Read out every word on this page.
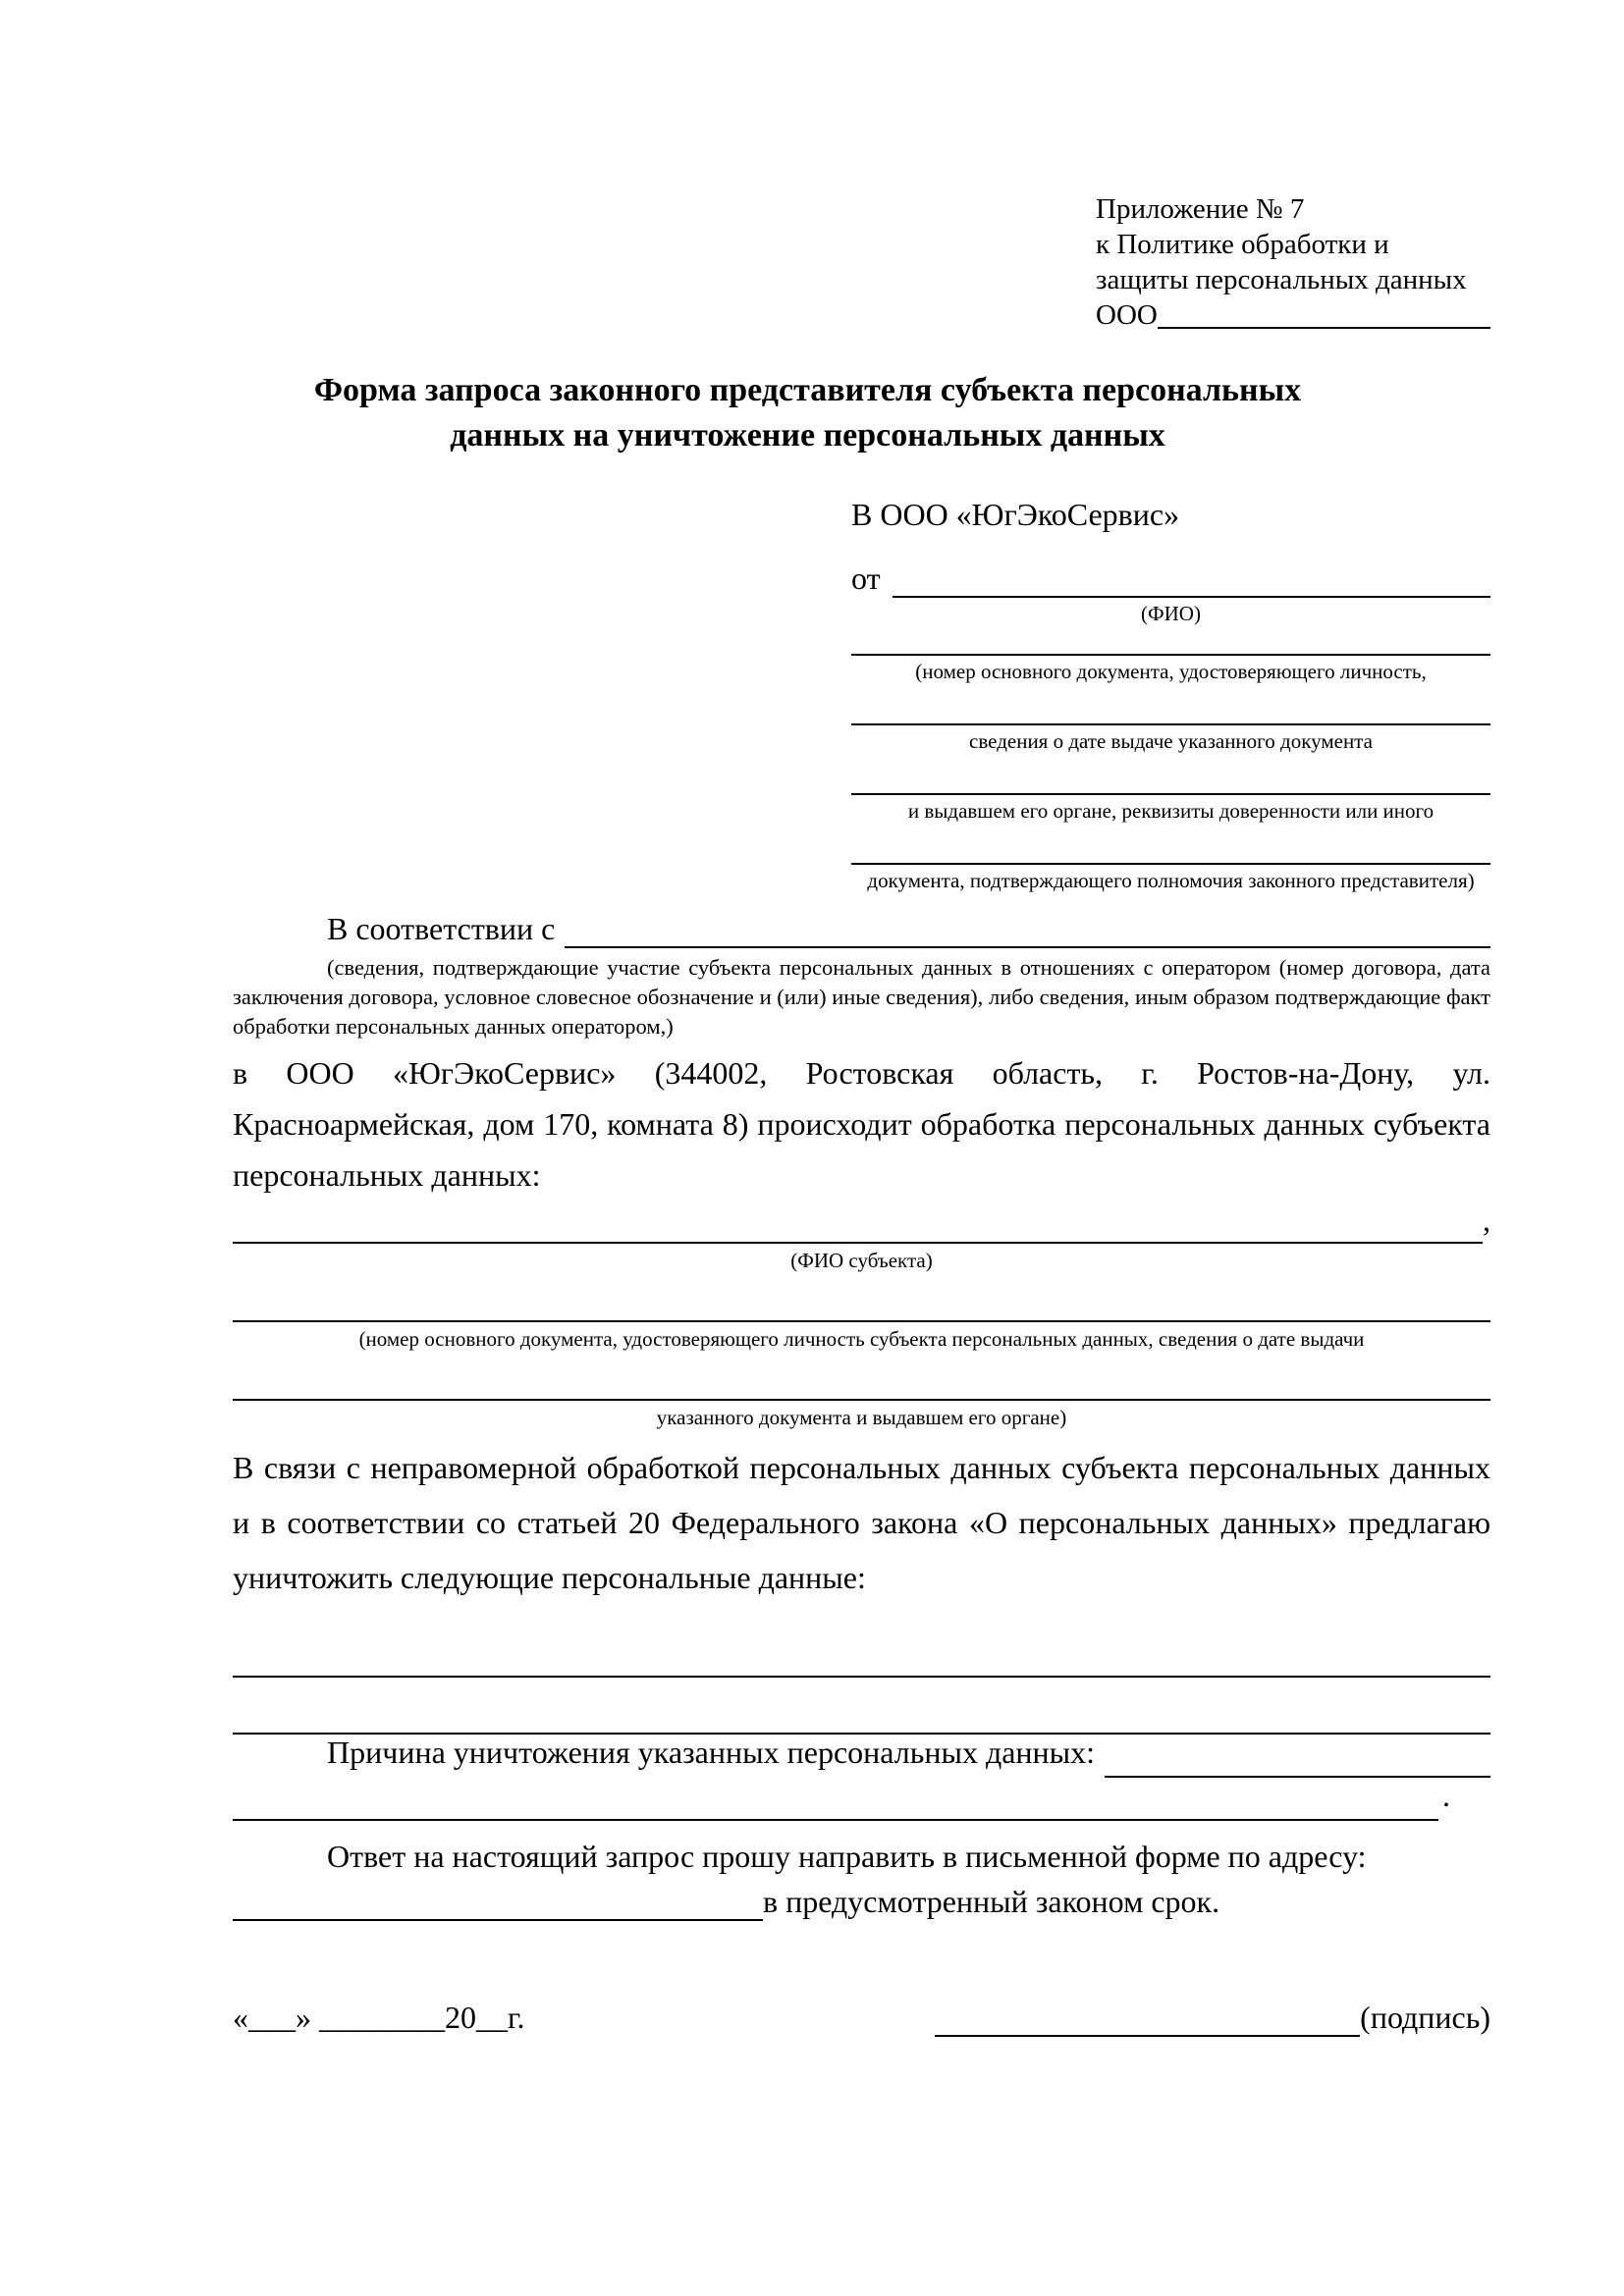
Приложение № 7
к Политике обработки и
защиты персональных данных
ООО
Форма запроса законного представителя субъекта персональных
данных на уничтожение персональных данных
В ООО «ЮгЭкоСервис»
от
(ФИО)
(номер основного документа, удостоверяющего личность,
сведения о дате выдаче указанного документа
и выдавшем его органе, реквизиты доверенности или иного
документа, подтверждающего полномочия законного представителя)
В соответствии с
(сведения, подтверждающие участие субъекта персональных данных в отношениях с оператором (номер договора, дата заключения договора, условное словесное обозначение и (или) иные сведения), либо сведения, иным образом подтверждающие факт обработки персональных данных оператором,)
в ООО «ЮгЭкоСервис» (344002, Ростовская область, г. Ростов-на-Дону, ул. Красноармейская, дом 170, комната 8) происходит обработка персональных данных субъекта персональных данных:
,
(ФИО субъекта)
(номер основного документа, удостоверяющего личность субъекта персональных данных, сведения о дате выдачи
указанного документа и выдавшем его органе)
В связи с неправомерной обработкой персональных данных субъекта персональных данных и в соответствии со статьей 20 Федерального закона «О персональных данных» предлагаю уничтожить следующие персональные данные:
Причина уничтожения указанных персональных данных:
.
Ответ на настоящий запрос прошу направить в письменной форме по адресу:
в предусмотренный законом срок.
«___» ________20__г.	(подпись)
